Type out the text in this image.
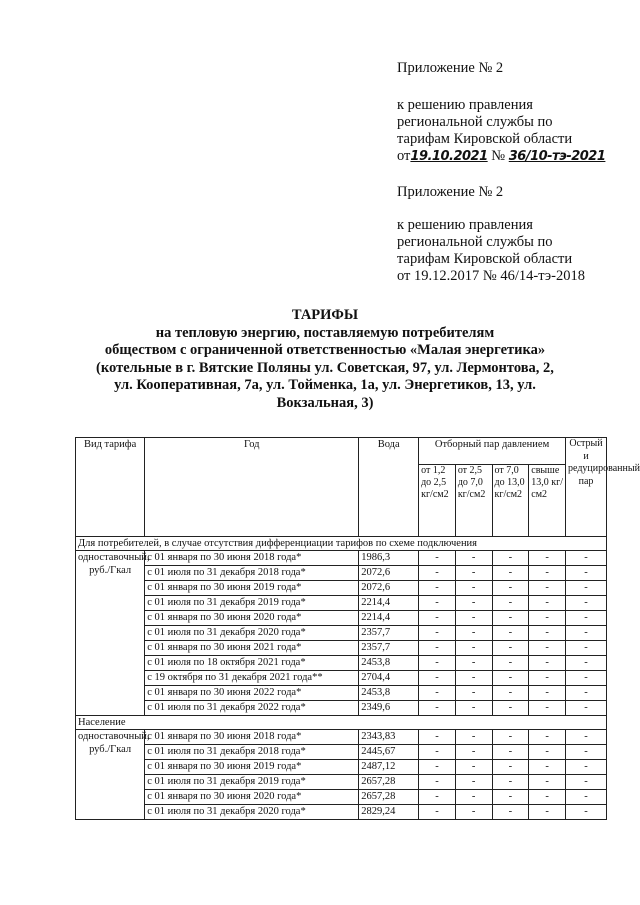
Приложение № 2
к решению правления
региональной службы по
тарифам Кировской области
от19.10.2021 № 36/10-тэ-2021
Приложение № 2
к решению правления
региональной службы по
тарифам Кировской области
от 19.12.2017 № 46/14-тэ-2018
ТАРИФЫ
на тепловую энергию, поставляемую потребителям
обществом с ограниченной ответственностью «Малая энергетика»
(котельные в г. Вятские Поляны ул. Советская, 97, ул. Лермонтова, 2,
ул. Кооперативная, 7а, ул. Тойменка, 1а, ул. Энергетиков, 13, ул.
Вокзальная, 3)
Вид тарифа	Год	Вода	Отборный пар давлением				Острый и редуцированный пар
			от 1,2 до 2,5 кг/см2	от 2,5 до 7,0 кг/см2	от 7,0 до 13,0 кг/см2	свыше 13,0 кг/см2	
Для потребителей, в случае отсутствия дифференциации тарифов по схеме подключения							
одноставочный, руб./Гкал	с 01 января по 30 июня 2018 года*	1986,3	-	-	-	-	-
	с 01 июля по 31 декабря 2018 года*	2072,6	-	-	-	-	-
	с 01 января по 30 июня 2019 года*	2072,6	-	-	-	-	-
	с 01 июля по 31 декабря 2019 года*	2214,4	-	-	-	-	-
	с 01 января по 30 июня 2020 года*	2214,4	-	-	-	-	-
	с 01 июля по 31 декабря 2020 года*	2357,7	-	-	-	-	-
	с 01 января по 30 июня 2021 года*	2357,7	-	-	-	-	-
	с 01 июля по 18 октября 2021 года*	2453,8	-	-	-	-	-
	с 19 октября по 31 декабря 2021 года**	2704,4	-	-	-	-	-
	с 01 января по 30 июня 2022 года*	2453,8	-	-	-	-	-
	с 01 июля по 31 декабря 2022 года*	2349,6	-	-	-	-	-
Население							
одноставочный, руб./Гкал	с 01 января по 30 июня 2018 года*	2343,83	-	-	-	-	-
	с 01 июля по 31 декабря 2018 года*	2445,67	-	-	-	-	-
	с 01 января по 30 июня 2019 года*	2487,12	-	-	-	-	-
	с 01 июля по 31 декабря 2019 года*	2657,28	-	-	-	-	-
	с 01 января по 30 июня 2020 года*	2657,28	-	-	-	-	-
	с 01 июля по 31 декабря 2020 года*	2829,24	-	-	-	-	-
